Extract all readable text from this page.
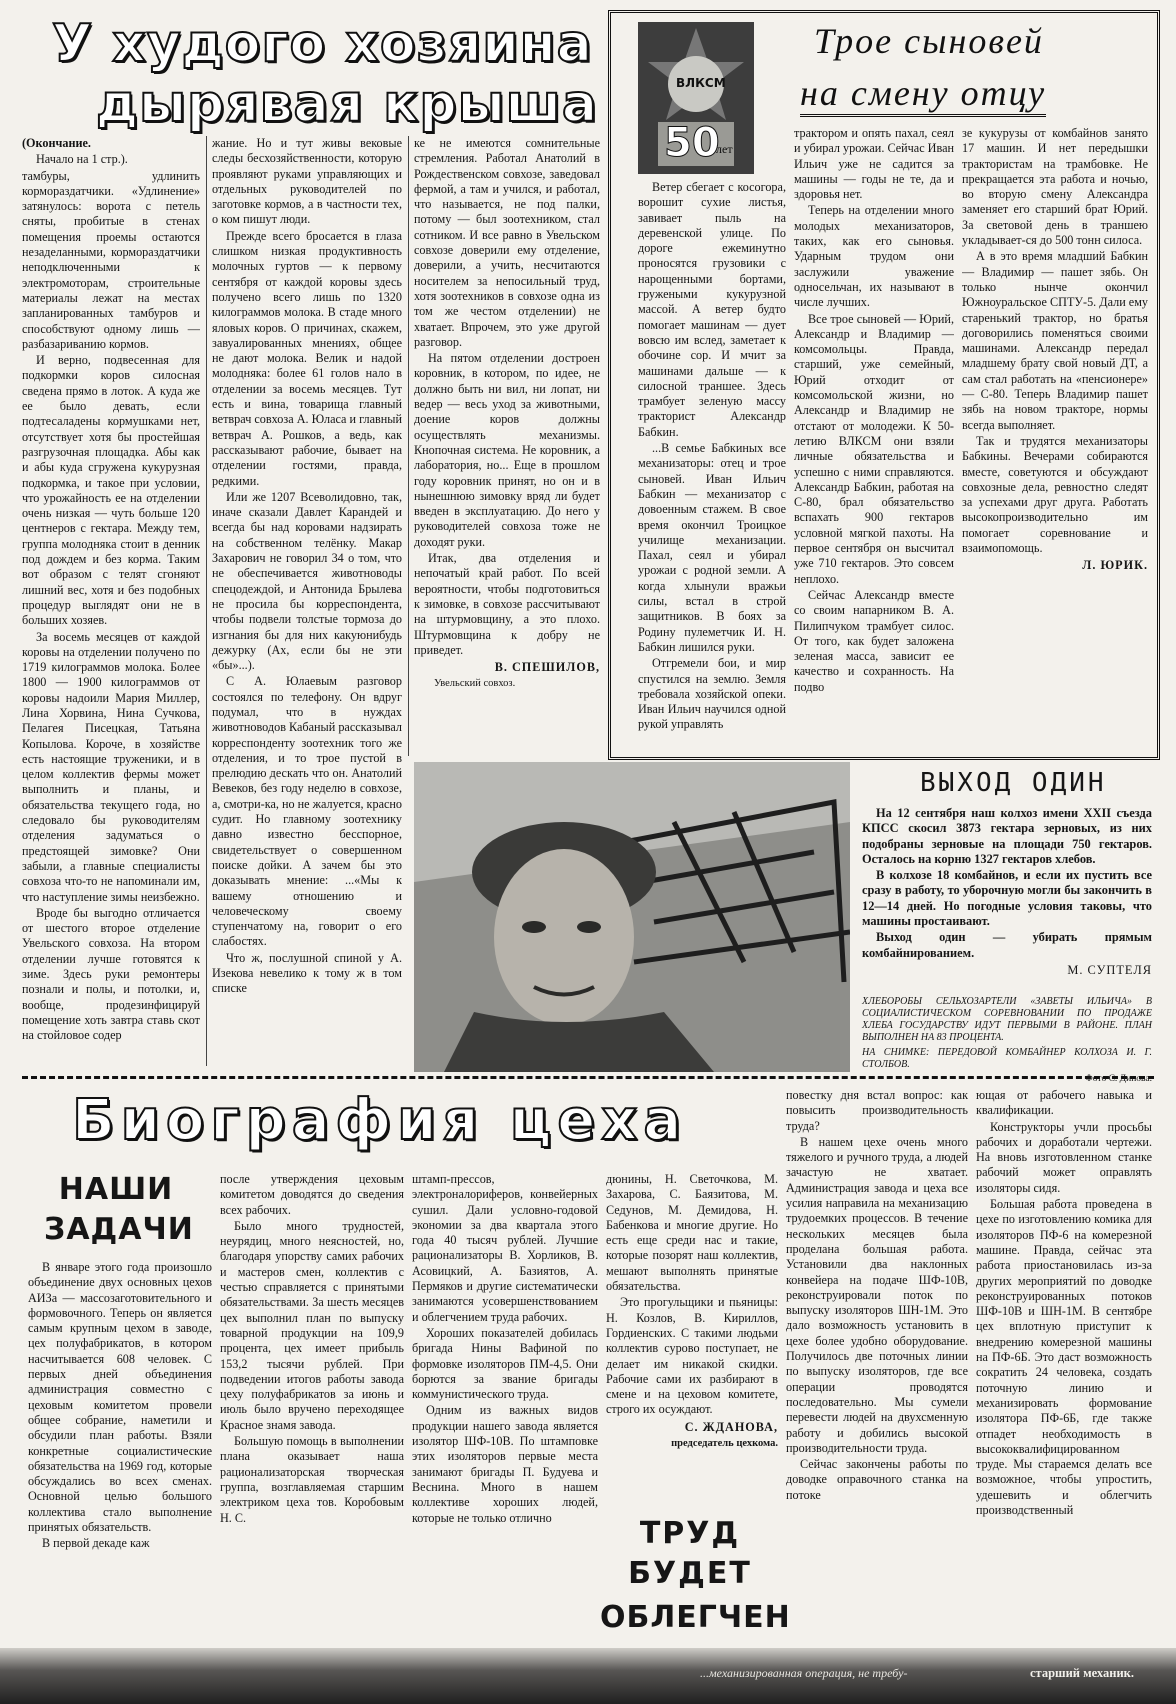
У худого хозяина
дырявая крыша

(Окончание.

Начало на 1 стр.).

тамбуры, удлинить кормораздатчики. «Удлинение» затянулось: ворота с петель сняты, пробитые в стенах помещения проемы остаются незаделанными, кормораздатчики неподключенными к электромоторам, строительные материалы лежат на местах запланированных тамбуров и способствуют одному лишь — разбазариванию кормов.

И верно, подвесенная для подкормки коров силосная сведена прямо в лоток. А куда же ее было девать, если подтесаладены кормушками нет, отсутствует хотя бы простейшая разгрузочная площадка. Абы как и абы куда сгружена кукурузная подкормка, и такое при условии, что урожайность ее на отделении очень низкая — чуть больше 120 центнеров с гектара. Между тем, группа молодняка стоит в денник под дождем и без корма. Таким вот образом с телят сгоняют лишний вес, хотя и без подобных процедур выглядят они не в больших хозяев.

За восемь месяцев от каждой коровы на отделении получено по 1719 килограммов молока. Более 1800 — 1900 килограммов от коровы надоили Мария Миллер, Лина Хорвина, Нина Сучкова, Пелагея Писецкая, Татьяна Копылова. Короче, в хозяйстве есть настоящие труженики, и в целом коллектив фермы может выполнить и планы, и обязательства текущего года, но следовало бы руководителям отделения задуматься о предстоящей зимовке? Они забыли, а главные специалисты совхоза что-то не напоминали им, что наступление зимы неизбежно.

Вроде бы выгодно отличается от шестого второе отделение Увельского совхоза. На втором отделении лучше готовятся к зиме. Здесь руки ремонтеры познали и полы, и потолки, и, вообще, продезинфицируй помещение хоть завтра ставь скот на стойловое содер

жание. Но и тут живы вековые следы бесхозяйственности, которую проявляют руками управляющих и отдельных руководителей по заготовке кормов, а в частности тех, о ком пишут люди.

Прежде всего бросается в глаза слишком низкая продуктивность молочных гуртов — к первому сентября от каждой коровы здесь получено всего лишь по 1320 килограммов молока. В стаде много яловых коров. О причинах, скажем, завуалированных мнениях, общее не дают молока. Велик и надой молодняка: более 61 голов нало в отделении за восемь месяцев. Тут есть и вина, товарища главный ветврач совхоза А. Юласа и главный ветврач А. Рошков, а ведь, как рассказывают рабочие, бывает на отделении гостями, правда, редкими.

Или же 1207 Всеволидовно, так, иначе сказали Давлет Карандей и всегда бы над коровами надзирать на собственном телёнку. Макар Захарович не говорил 34 о том, что не обеспечивается животноводы спецодеждой, и Антонида Брылева не просила бы корреспондента, чтобы подвели толстые тормоза до изгнания бы для них какуюнибудь дежурку (Ах, если бы не эти «бы»...).

С А. Юлаевым разговор состоялся по телефону. Он вдруг подумал, что в нуждах животноводов Кабаный рассказывал корреспонденту зоотехник того же отделения, и то трое пустой в прелюдию дескать что он. Анатолий Вевеков, без году неделю в совхозе, а, смотри-ка, но не жалуется, красно судит. Но главному зоотехнику давно известно бесспорное, свидетельствует о совершенном поиске дойки. А зачем бы это доказывать мнение: ...«Мы к вашему отношению и человеческому своему ступенчатому на, говорит о его слабостях.

Что ж, послушной спиной у А. Изекова невелико к тому ж в том списке

ке не имеются сомнительные стремления. Работал Анатолий в Рождественском совхозе, заведовал фермой, а там и учился, и работал, что называется, не под палки, потому — был зоотехником, стал сотником. И все равно в Увельском совхозе доверили ему отделение, доверили, а учить, несчитаются носителем за непосильный труд, хотя зоотехников в совхозе одна из том же честом отделении) не хватает. Впрочем, это уже другой разговор.

На пятом отделении достроен коровник, в котором, по идее, не должно быть ни вил, ни лопат, ни ведер — весь уход за животными, доение коров должны осуществлять механизмы. Кнопочная система. Не коровник, а лаборатория, но... Еще в прошлом году коровник принят, но он и в нынешнюю зимовку вряд ли будет введен в эксплуатацию. До него у руководителей совхоза тоже не доходят руки.

Итак, два отделения и непочатый край работ. По всей вероятности, чтобы подготовиться к зимовке, в совхозе рассчитывают на штурмовщину, а это плохо. Штурмовщина к добру не приведет.

В. СПЕШИЛОВ,

Увельский совхоз.

ВЛКСМ
50
лет
Трое сыновей
на смену отцу

Ветер сбегает с косогора, ворошит сухие листья, завивает пыль на деревенской улице. По дороге ежеминутно проносятся грузовики с нарощенными бортами, гружеными кукурузной массой. А ветер будто помогает машинам — дует вовсю им вслед, заметает к обочине сор. И мчит за машинами дальше — к силосной траншее. Здесь трамбует зеленую массу тракторист Александр Бабкин.

...В семье Бабкиных все механизаторы: отец и трое сыновей. Иван Ильич Бабкин — механизатор с довоенным стажем. В свое время окончил Троицкое училище механизации. Пахал, сеял и убирал урожаи с родной земли. А когда хлынули вражьи силы, встал в строй защитников. В боях за Родину пулеметчик И. Н. Бабкин лишился руки.

Отгремели бои, и мир спустился на землю. Земля требовала хозяйской опеки. Иван Ильич научился одной рукой управлять

трактором и опять пахал, сеял и убирал урожаи. Сейчас Иван Ильич уже не садится за машины — годы не те, да и здоровья нет.

Теперь на отделении много молодых механизаторов, таких, как его сыновья. Ударным трудом они заслужили уважение односельчан, их называют в числе лучших.

Все трое сыновей — Юрий, Александр и Владимир — комсомольцы. Правда, старший, уже семейный, Юрий отходит от комсомольской жизни, но Александр и Владимир не отстают от молодежи. К 50-летию ВЛКСМ они взяли личные обязательства и успешно с ними справляются. Александр Бабкин, работая на С-80, брал обязательство вспахать 900 гектаров условной мягкой пахоты. На первое сентября он высчитал уже 710 гектаров. Это совсем неплохо.

Сейчас Александр вместе со своим напарником В. А. Пилипчуком трамбует силос. От того, как будет заложена зеленая масса, зависит ее качество и сохранность. На подво

зе кукурузы от комбайнов занято 17 машин. И нет передышки трактористам на трамбовке. Не прекращается эта работа и ночью, во вторую смену Александра заменяет его старший брат Юрий. За световой день в траншею укладывает-ся до 500 тонн силоса.

А в это время младший Бабкин — Владимир — пашет зябь. Он только нынче окончил Южноуральское СПТУ-5. Дали ему старенький трактор, но братья договорились поменяться своими машинами. Александр передал младшему брату свой новый ДТ, а сам стал работать на «пенсионере» — С-80. Теперь Владимир пашет зябь на новом тракторе, нормы всегда выполняет.

Так и трудятся механизаторы Бабкины. Вечерами собираются вместе, советуются и обсуждают совхозные дела, ревностно следят за успехами друг друга. Работать высокопроизводительно им помогает соревнование и взаимопомощь.

Л. ЮРИК.

ВЫХОД ОДИН

На 12 сентября наш колхоз имени XXII съезда КПСС скосил 3873 гектара зерновых, из них подобраны зерновые на площади 750 гектаров. Осталось на корню 1327 гектаров хлебов.

В колхозе 18 комбайнов, и если их пустить все сразу в работу, то уборочную могли бы закончить в 12—14 дней. Но погодные условия таковы, что машины простаивают.

Выход один — убирать прямым комбайнированием.

М. СУПТЕЛЯ

ХЛЕБОРОБЫ СЕЛЬХОЗАРТЕЛИ «ЗАВЕТЫ ИЛЬИЧА» В СОЦИАЛИСТИЧЕСКОМ СОРЕВНОВАНИИ ПО ПРОДАЖЕ ХЛЕБА ГОСУДАРСТВУ ИДУТ ПЕРВЫМИ В РАЙОНЕ. ПЛАН ВЫПОЛНЕН НА 83 ПРОЦЕНТА.
НА СНИМКЕ: ПЕРЕДОВОЙ КОМБАЙНЕР КОЛХОЗА И. Г. СТОЛБОВ.
Фото С. Динова.
Биография цеха
НАШИ
ЗАДАЧИ

В январе этого года произошло объединение двух основных цехов АИЗа — массозаготовительного и формовочного. Теперь он является самым крупным цехом в заводе, цех полуфабрикатов, в котором насчитывается 608 человек. С первых дней объединения администрация совместно с цеховым комитетом провели общее собрание, наметили и обсудили план работы. Взяли конкретные социалистические обязательства на 1969 год, которые обсуждались во всех сменах. Основной целью большого коллектива стало выполнение принятых обязательств.

В первой декаде каж

после утверждения цеховым комитетом доводятся до сведения всех рабочих.

Было много трудностей, неурядиц, много неясностей, но, благодаря упорству самих рабочих и мастеров смен, коллектив с честью справляется с принятыми обязательствами. За шесть месяцев цех выполнил план по выпуску товарной продукции на 109,9 процента, цех имеет прибыль 153,2 тысячи рублей. При подведении итогов работы завода цеху полуфабрикатов за июнь и июль было вручено переходящее Красное знамя завода.

Большую помощь в выполнении плана оказывает наша рационализаторская творческая группа, возглавляемая старшим электриком цеха тов. Коробовым Н. С.

штамп-прессов, электроналориферов, конвейерных сушил. Дали условно-годовой экономии за два квартала этого года 40 тысяч рублей. Лучшие рационализаторы В. Хорликов, В. Асовицкий, А. Базиятов, А. Пермяков и другие систематически занимаются усовершенствованием и облегчением труда рабочих.

Хороших показателей добилась бригада Нины Вафиной по формовке изоляторов ПМ-4,5. Они борются за звание бригады коммунистического труда.

Одним из важных видов продукции нашего завода является изолятор ШФ-10В. По штамповке этих изоляторов первые места занимают бригады П. Будуева и Веснина. Много в нашем коллективе хороших людей, которые не только отлично

дюнины, Н. Светочкова, М. Захарова, С. Баязитова, М. Седунов, М. Демидова, Н. Бабенкова и многие другие. Но есть еще среди нас и такие, которые позорят наш коллектив, мешают выполнять принятые обязательства.

Это прогульщики и пьяницы: Н. Козлов, В. Кириллов, Гордиенских. С такими людьми коллектив сурово поступает, не делает им никакой скидки. Рабочие сами их разбирают в смене и на цеховом комитете, строго их осуждают.

С. ЖДАНОВА,

председатель цехкома.

ТРУД
БУДЕТ
ОБЛЕГЧЕН

повестку дня встал вопрос: как повысить производительность труда?

В нашем цехе очень много тяжелого и ручного труда, а людей зачастую не хватает. Администрация завода и цеха все усилия направила на механизацию трудоемких процессов. В течение нескольких месяцев была проделана большая работа. Установили два наклонных конвейера на подаче ШФ-10В, реконструировали поток по выпуску изоляторов ШН-1М. Это дало возможность установить в цехе более удобно оборудование. Получилось две поточных линии по выпуску изоляторов, где все операции проводятся последовательно. Мы сумели перевести людей на двухсменную работу и добились высокой производительности труда.

Сейчас закончены работы по доводке оправочного станка на потоке

ющая от рабочего навыка и квалификации.

Конструкторы учли просьбы рабочих и доработали чертежи. На вновь изготовленном станке рабочий может оправлять изоляторы сидя.

Большая работа проведена в цехе по изготовлению комика для изоляторов ПФ-6 на комерезной машине. Правда, сейчас эта работа приостановилась из-за других мероприятий по доводке реконструированных потоков ШФ-10В и ШН-1М. В сентябре цех вплотную приступит к внедрению комерезной машины на ПФ-6Б. Это даст возможность сократить 24 человека, создать поточную линию и механизировать формование изолятора ПФ-6Б, где также отпадет необходимость в высококвалифицированном труде. Мы стараемся делать все возможное, чтобы упростить, удешевить и облегчить производственный

...механизированная операция, не требу-	старший механик.
